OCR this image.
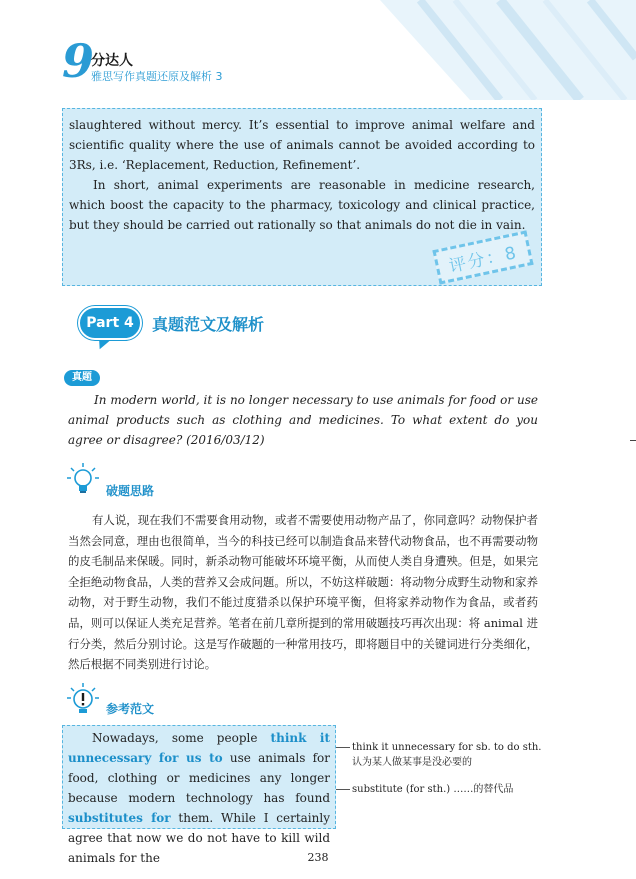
9
分达人
雅思写作真题还原及解析 3

slaughtered without mercy. It’s essential to improve animal welfare and scientific quality where the use of animals cannot be avoided according to 3Rs, i.e. ‘Replacement, Reduction, Refinement’.

In short, animal experiments are reasonable in medicine research, which boost the capacity to the pharmacy, toxicology and clinical practice, but they should be carried out rationally so that animals do not die in vain.

评分：8
Part 4	真题范文及解析
真题
In modern world, it is no longer necessary to use animals for food or use animal products such as clothing and medicines. To what extent do you agree or disagree? (2016/03/12)
破题思路
有人说，现在我们不需要食用动物，或者不需要使用动物产品了，你同意吗？动物保护者当然会同意，理由也很简单，当今的科技已经可以制造食品来替代动物食品，也不再需要动物的皮毛制品来保暖。同时，新杀动物可能破坏环境平衡，从而使人类自身遭殃。但是，如果完全拒绝动物食品，人类的营养又会成问题。所以，不妨这样破题：将动物分成野生动物和家养动物，对于野生动物，我们不能过度猎杀以保护环境平衡，但将家养动物作为食品，或者药品，则可以保证人类充足营养。笔者在前几章所提到的常用破题技巧再次出现：将 animal 进行分类，然后分别讨论。这是写作破题的一种常用技巧，即将题目中的关键词进行分类细化，然后根据不同类别进行讨论。
参考范文

Nowadays, some people think it unnecessary for us to use animals for food, clothing or medicines any longer because modern technology has found substitutes for them. While I certainly agree that now we do not have to kill wild animals for the

think it unnecessary for sb. to do sth. 认为某人做某事是没必要的
substitute (for sth.) ……的替代品
238
